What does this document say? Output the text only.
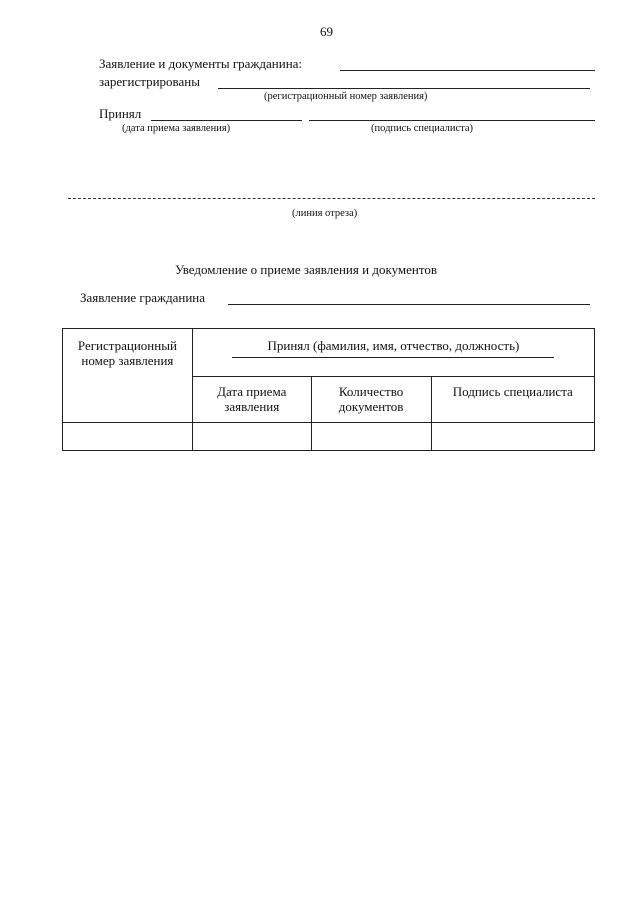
69
Заявление и документы гражданина:
зарегистрированы
(регистрационный номер заявления)
Принял
(дата приема заявления)	(подпись специалиста)
(линия отреза)
Уведомление о приеме заявления и документов
Заявление гражданина
Регистрационный номер заявления	Принял (фамилия, имя, отчество, должность)		

	Дата приема заявления	Количество документов	Подпись специалиста
